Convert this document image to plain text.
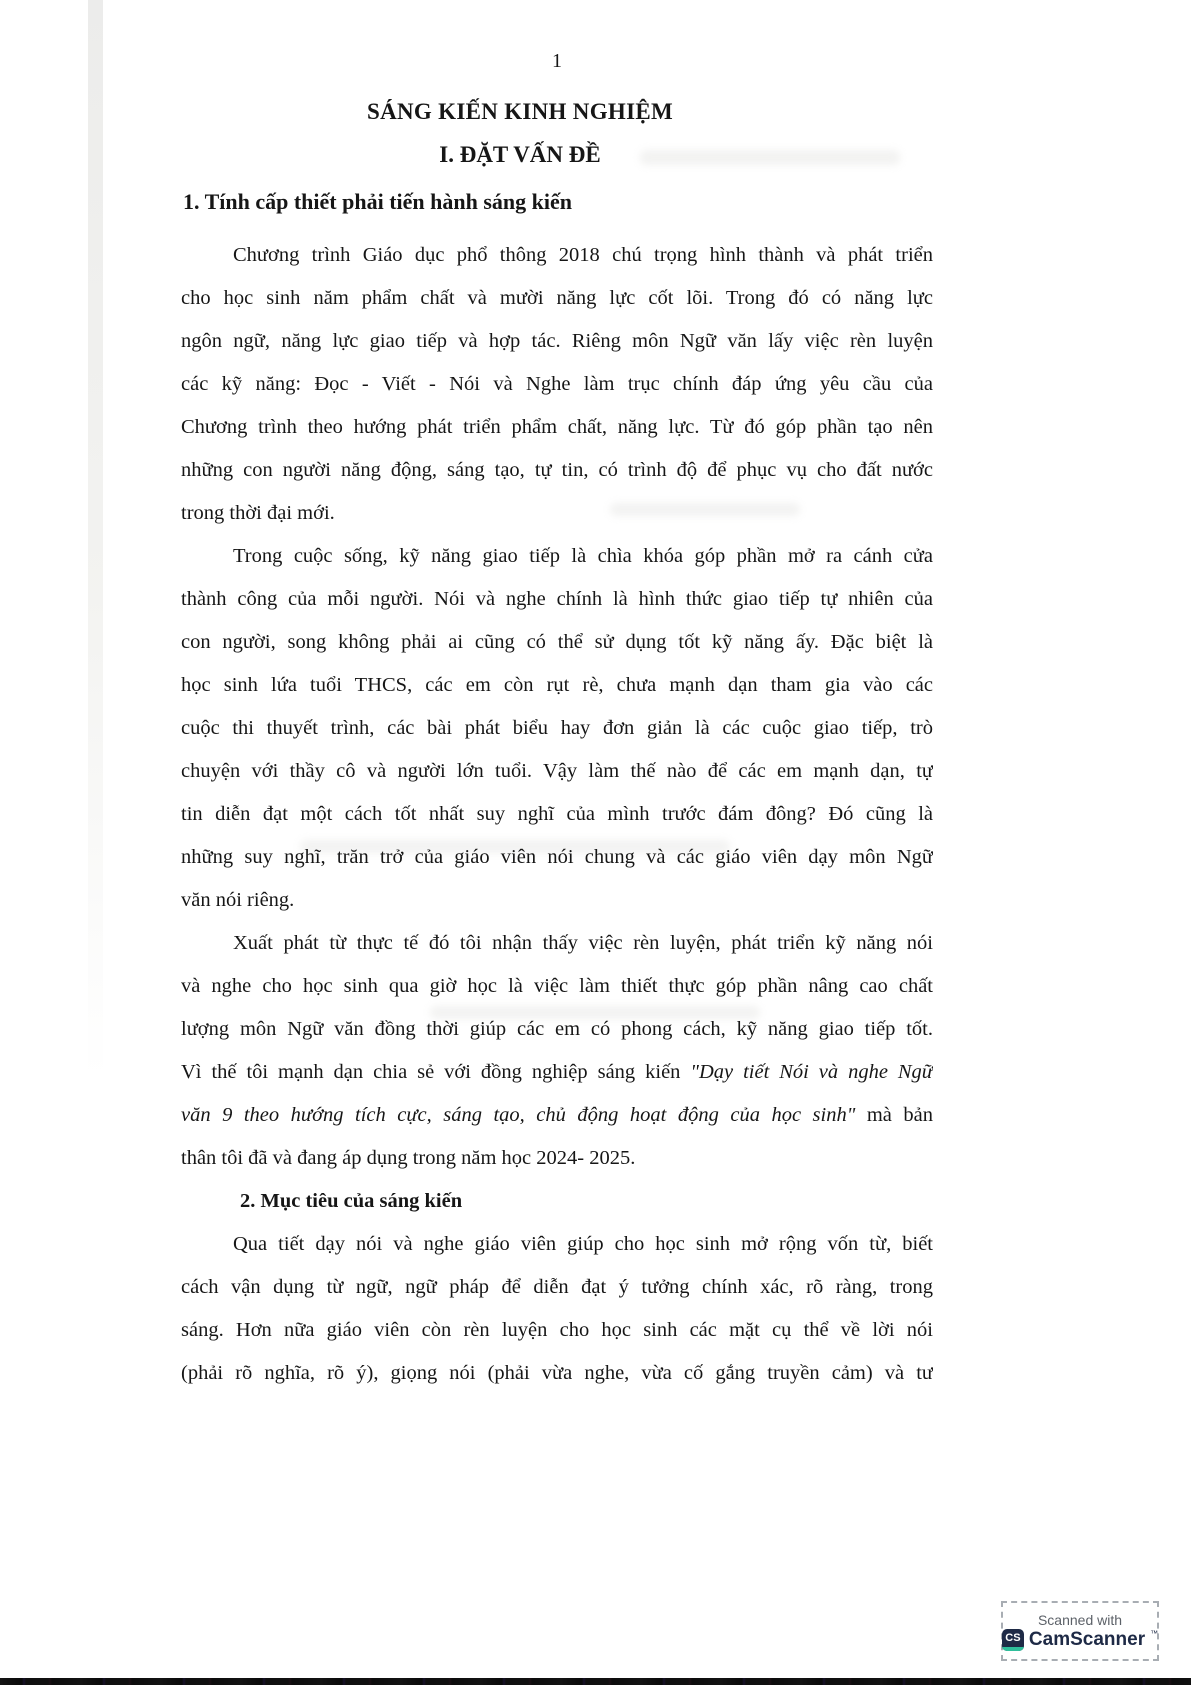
1
SÁNG KIẾN KINH NGHIỆM
I. ĐẶT VẤN ĐỀ
1. Tính cấp thiết phải tiến hành sáng kiến
Chương trình Giáo dục phổ thông 2018 chú trọng hình thành và phát triển
cho học sinh năm phẩm chất và mười năng lực cốt lõi. Trong đó có năng lực
ngôn ngữ, năng lực giao tiếp và hợp tác. Riêng môn Ngữ văn lấy việc rèn luyện
các kỹ năng: Đọc - Viết - Nói và Nghe làm trục chính đáp ứng yêu cầu của
Chương trình theo hướng phát triển phẩm chất, năng lực. Từ đó góp phần tạo nên
những con người năng động, sáng tạo, tự tin, có trình độ để phục vụ cho đất nước
trong thời đại mới.
Trong cuộc sống, kỹ năng giao tiếp là chìa khóa góp phần mở ra cánh cửa
thành công của mỗi người. Nói và nghe chính là hình thức giao tiếp tự nhiên của
con người, song không phải ai cũng có thể sử dụng tốt kỹ năng ấy. Đặc biệt là
học sinh lứa tuổi THCS, các em còn rụt rè, chưa mạnh dạn tham gia vào các
cuộc thi thuyết trình, các bài phát biểu hay đơn giản là các cuộc giao tiếp, trò
chuyện với thầy cô và người lớn tuổi. Vậy làm thế nào để các em mạnh dạn, tự
tin diễn đạt một cách tốt nhất suy nghĩ của mình trước đám đông? Đó cũng là
những suy nghĩ, trăn trở của giáo viên nói chung và các giáo viên dạy môn Ngữ
văn nói riêng.
Xuất phát từ thực tế đó tôi nhận thấy việc rèn luyện, phát triển kỹ năng nói
và nghe cho học sinh qua giờ học là việc làm thiết thực góp phần nâng cao chất
lượng môn Ngữ văn đồng thời giúp các em có phong cách, kỹ năng giao tiếp tốt.
Vì thế tôi mạnh dạn chia sẻ với đồng nghiệp sáng kiến "Dạy tiết Nói và nghe Ngữ
văn 9 theo hướng tích cực, sáng tạo, chủ động hoạt động của học sinh" mà bản
thân tôi đã và đang áp dụng trong năm học 2024- 2025.
2. Mục tiêu của sáng kiến
Qua tiết dạy nói và nghe giáo viên giúp cho học sinh mở rộng vốn từ, biết
cách vận dụng từ ngữ, ngữ pháp để diễn đạt ý tưởng chính xác, rõ ràng, trong
sáng. Hơn nữa giáo viên còn rèn luyện cho học sinh các mặt cụ thể về lời nói
(phải rõ nghĩa, rõ ý), giọng nói (phải vừa nghe, vừa cố gắng truyền cảm) và tư
Scanned with
CS CamScanner ™
